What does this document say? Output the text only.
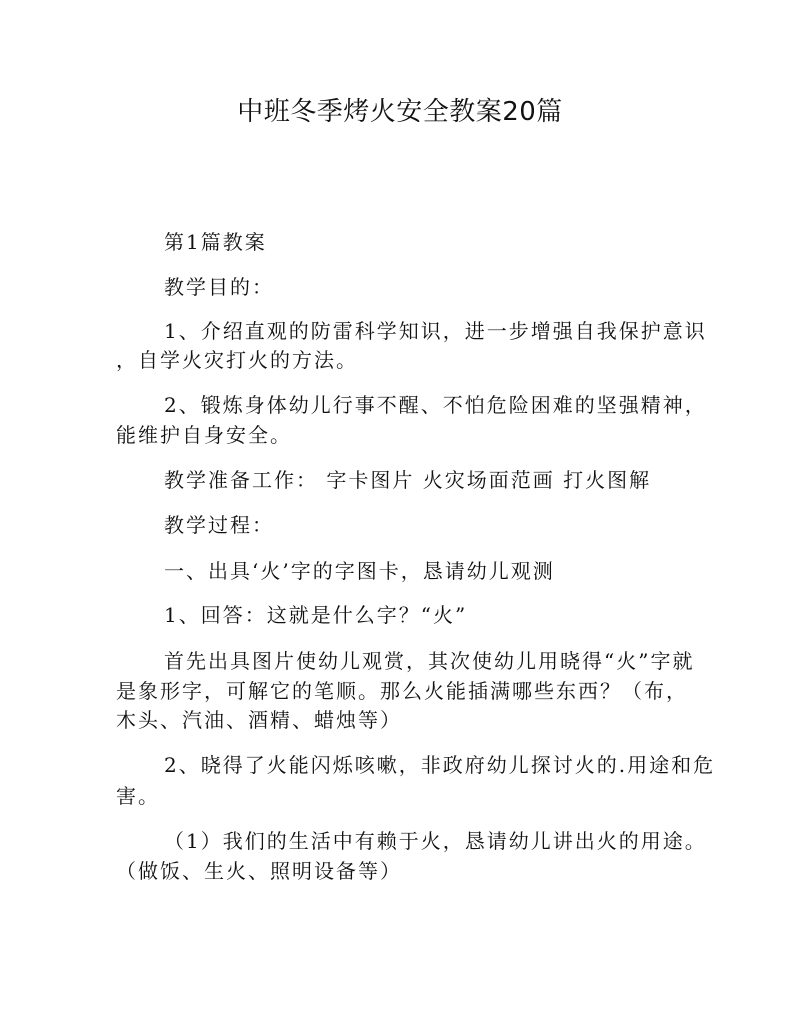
中班冬季烤火安全教案20篇
第1篇教案
教学目的：
1、介绍直观的防雷科学知识，进一步增强自我保护意识
，自学火灾打火的方法。
2、锻炼身体幼儿行事不醒、不怕危险困难的坚强精神，
能维护自身安全。
教学准备工作： 字卡图片 火灾场面范画 打火图解
教学过程：
一、出具‘火’字的字图卡，恳请幼儿观测
1、回答：这就是什么字？“火”
首先出具图片使幼儿观赏，其次使幼儿用晓得“火”字就
是象形字，可解它的笔顺。那么火能插满哪些东西？（布，
木头、汽油、酒精、蜡烛等）
2、晓得了火能闪烁咳嗽，非政府幼儿探讨火的.用途和危
害。
（1）我们的生活中有赖于火，恳请幼儿讲出火的用途。
（做饭、生火、照明设备等）
